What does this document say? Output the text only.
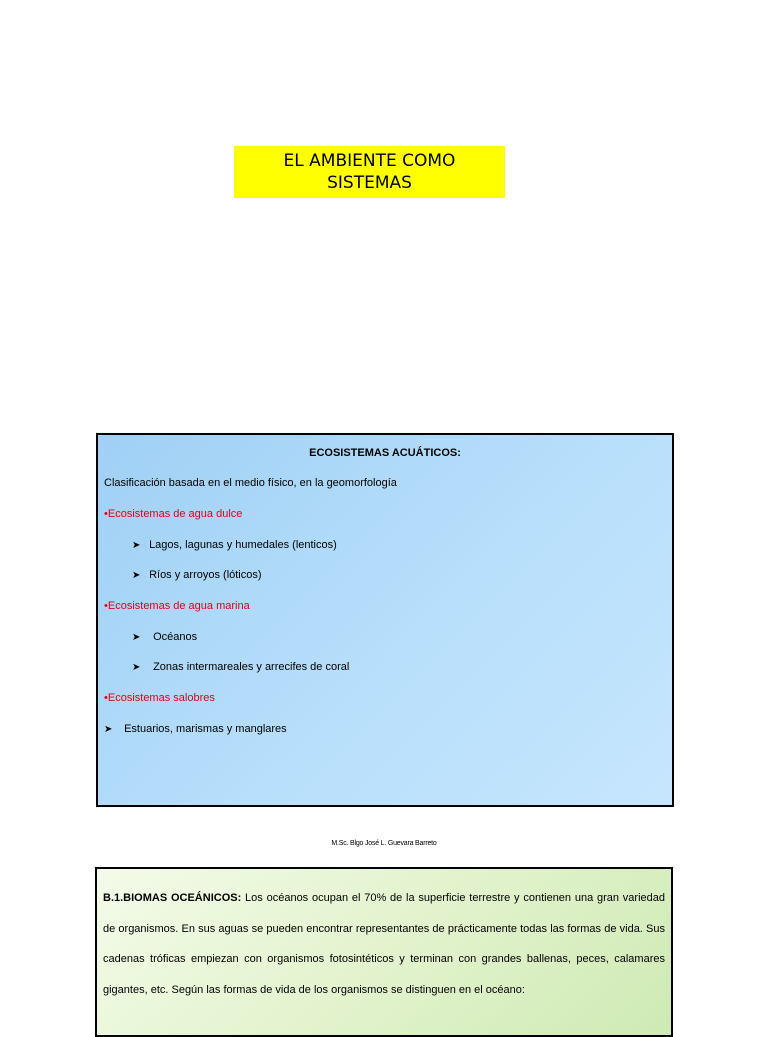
EL AMBIENTE COMO
SISTEMAS
ECOSISTEMAS ACUÁTICOS:
Clasificación basada en el medio físico, en la geomorfología
•Ecosistemas de agua dulce
➤ Lagos, lagunas y humedales (lenticos)
➤ Ríos y arroyos (lóticos)
•Ecosistemas de agua marina
➤ Océanos
➤ Zonas intermareales y arrecifes de coral
•Ecosistemas salobres
➤ Estuarios, marismas y manglares
M.Sc. Blgo José L. Guevara Barreto
B.1.BIOMAS OCEÁNICOS: Los océanos ocupan el 70% de la superficie terrestre y contienen una gran variedad de organismos. En sus aguas se pueden encontrar representantes de prácticamente todas las formas de vida. Sus cadenas tróficas empiezan con organismos fotosintéticos y terminan con grandes ballenas, peces, calamares gigantes, etc. Según las formas de vida de los organismos se distinguen en el océano:
